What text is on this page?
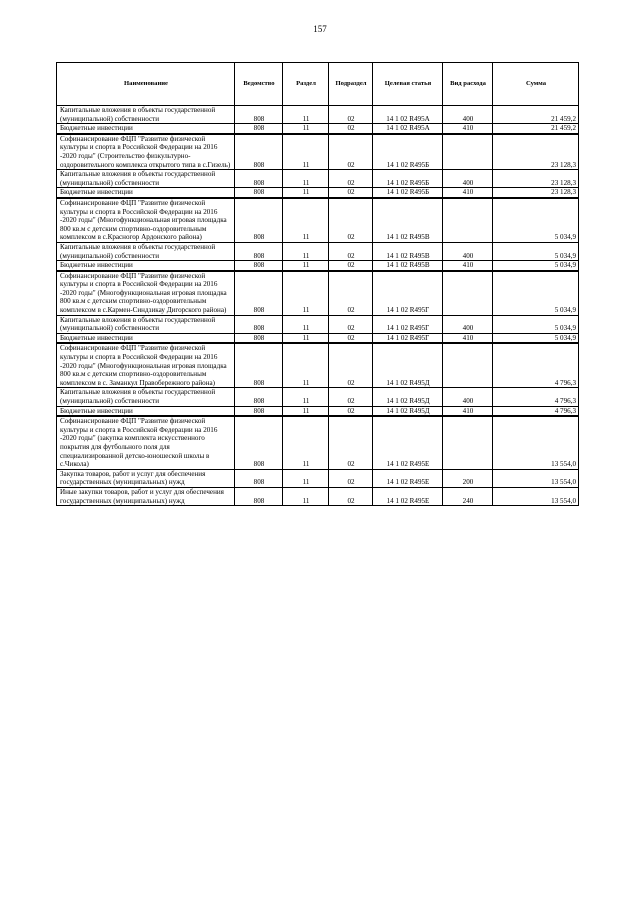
157
Наименование	Ведомство	Раздел	Подраздел	Целевая статья	Вид расхода	Сумма
Капитальные вложения в объекты государственной (муниципальной) собственности	808	11	02	14 1 02 R495А	400	21 459,2
Бюджетные инвестиции	808	11	02	14 1 02 R495А	410	21 459,2
Софинансирование ФЦП "Развитие физической культуры и спорта в Российской Федерации на 2016 -2020 годы" (Строительство физкультурно-оздоровительного комплекса открытого типа в с.Гизель)	808	11	02	14 1 02 R495Б		23 128,3
Капитальные вложения в объекты государственной (муниципальной) собственности	808	11	02	14 1 02 R495Б	400	23 128,3
Бюджетные инвестиции	808	11	02	14 1 02 R495Б	410	23 128,3
Софинансирование ФЦП "Развитие физической культуры и спорта в Российской Федерации на 2016 -2020 годы" (Многофункциональная игровая площадка 800 кв.м с детским спортивно-оздоровительным комплексом в с.Красногор Ардонского района)	808	11	02	14 1 02 R495В		5 034,9
Капитальные вложения в объекты государственной (муниципальной) собственности	808	11	02	14 1 02 R495В	400	5 034,9
Бюджетные инвестиции	808	11	02	14 1 02 R495В	410	5 034,9
Софинансирование ФЦП "Развитие физической культуры и спорта в Российской Федерации на 2016 -2020 годы" (Многофункциональная игровая площадка 800 кв.м с детским спортивно-оздоровительным комплексом в с.Кармен-Синдзикау Дигорского района)	808	11	02	14 1 02 R495Г		5 034,9
Капитальные вложения в объекты государственной (муниципальной) собственности	808	11	02	14 1 02 R495Г	400	5 034,9
Бюджетные инвестиции	808	11	02	14 1 02 R495Г	410	5 034,9
Софинансирование ФЦП "Развитие физической культуры и спорта в Российской Федерации на 2016 -2020 годы" (Многофункциональная игровая площадка 800 кв.м с детским спортивно-оздоровительным комплексом в с. Заманкул Правобережного района)	808	11	02	14 1 02 R495Д		4 796,3
Капитальные вложения в объекты государственной (муниципальной) собственности	808	11	02	14 1 02 R495Д	400	4 796,3
Бюджетные инвестиции	808	11	02	14 1 02 R495Д	410	4 796,3
Софинансирование ФЦП "Развитие физической культуры и спорта в Российской Федерации на 2016 -2020 годы" (закупка комплекта искусственного покрытия для футбольного поля для специализированной детско-юношеской школы в с.Чикола)	808	11	02	14 1 02 R495Е		13 554,0
Закупка товаров, работ и услуг для обеспечения государственных (муниципальных) нужд	808	11	02	14 1 02 R495Е	200	13 554,0
Иные закупки товаров, работ и услуг для обеспечения государственных (муниципальных) нужд	808	11	02	14 1 02 R495Е	240	13 554,0
